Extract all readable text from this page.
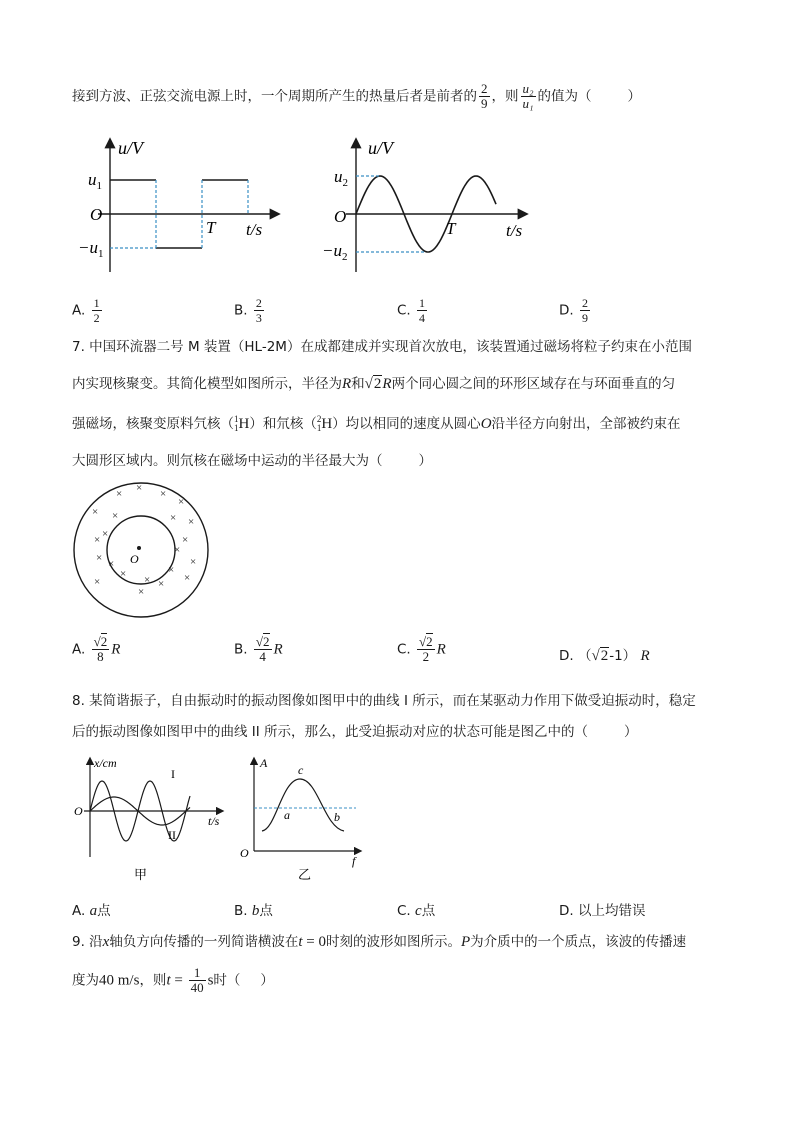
接到方波、正弦交流电源上时，一个周期所产生的热量后者是前者的 $\frac{2}{9}$ ，则 $\frac{\text{u₂}}{\text{u₁}}$ 的值为（	）
u/V
$u_1$
O
T t/s
$-u_1$
u/V
$u_2$
O
T	t/s
$-u_2$
A. $\frac{1}{2}$	B. $\frac{2}{3}$	C. $\frac{1}{4}$	D. $\frac{2}{9}$
7. 中国环流器二号 M 装置（HL-2M）在成都建成并实现首次放电，该装置通过磁场将粒子约束在小范围
内实现核聚变。其简化模型如图所示，半径为R和√2R两个同心圆之间的环形区域存在与环面垂直的匀
强磁场，核聚变原料氕核（ 1
1 H）和氘核（ 2
1 H）均以相同的速度从圆心O沿半径方向射出，全部被约束在
大圆形区域内。则氘核在磁场中运动的半径最大为（	）
O
×
×	×
×
× ×	× ×
×
×	×
×
× ×	×
×
× × ×
×
×
×
A. $\frac{√2}{8}$ R	B. $\frac{√2}{4}$ R	C. $\frac{√2}{2}$ R	D. （√2-1） R
8. 某简谐振子，自由振动时的振动图像如图甲中的曲线 I 所示，而在某驱动力作用下做受迫振动时，稳定
后的振动图像如图甲中的曲线 II 所示，那么，此受迫振动对应的状态可能是图乙中的（	）
x/cm
O
t/s
I
II
甲
A
O
f
c
a	b
乙
A. a点	B. b点	C. c点	D. 以上均错误
9. 沿x轴负方向传播的一列简谐横波在t = 0时刻的波形如图所示。P为介质中的一个质点，该波的传播速
度为40 m/s，则$t = \frac{1}{40}$ s时（ ）
